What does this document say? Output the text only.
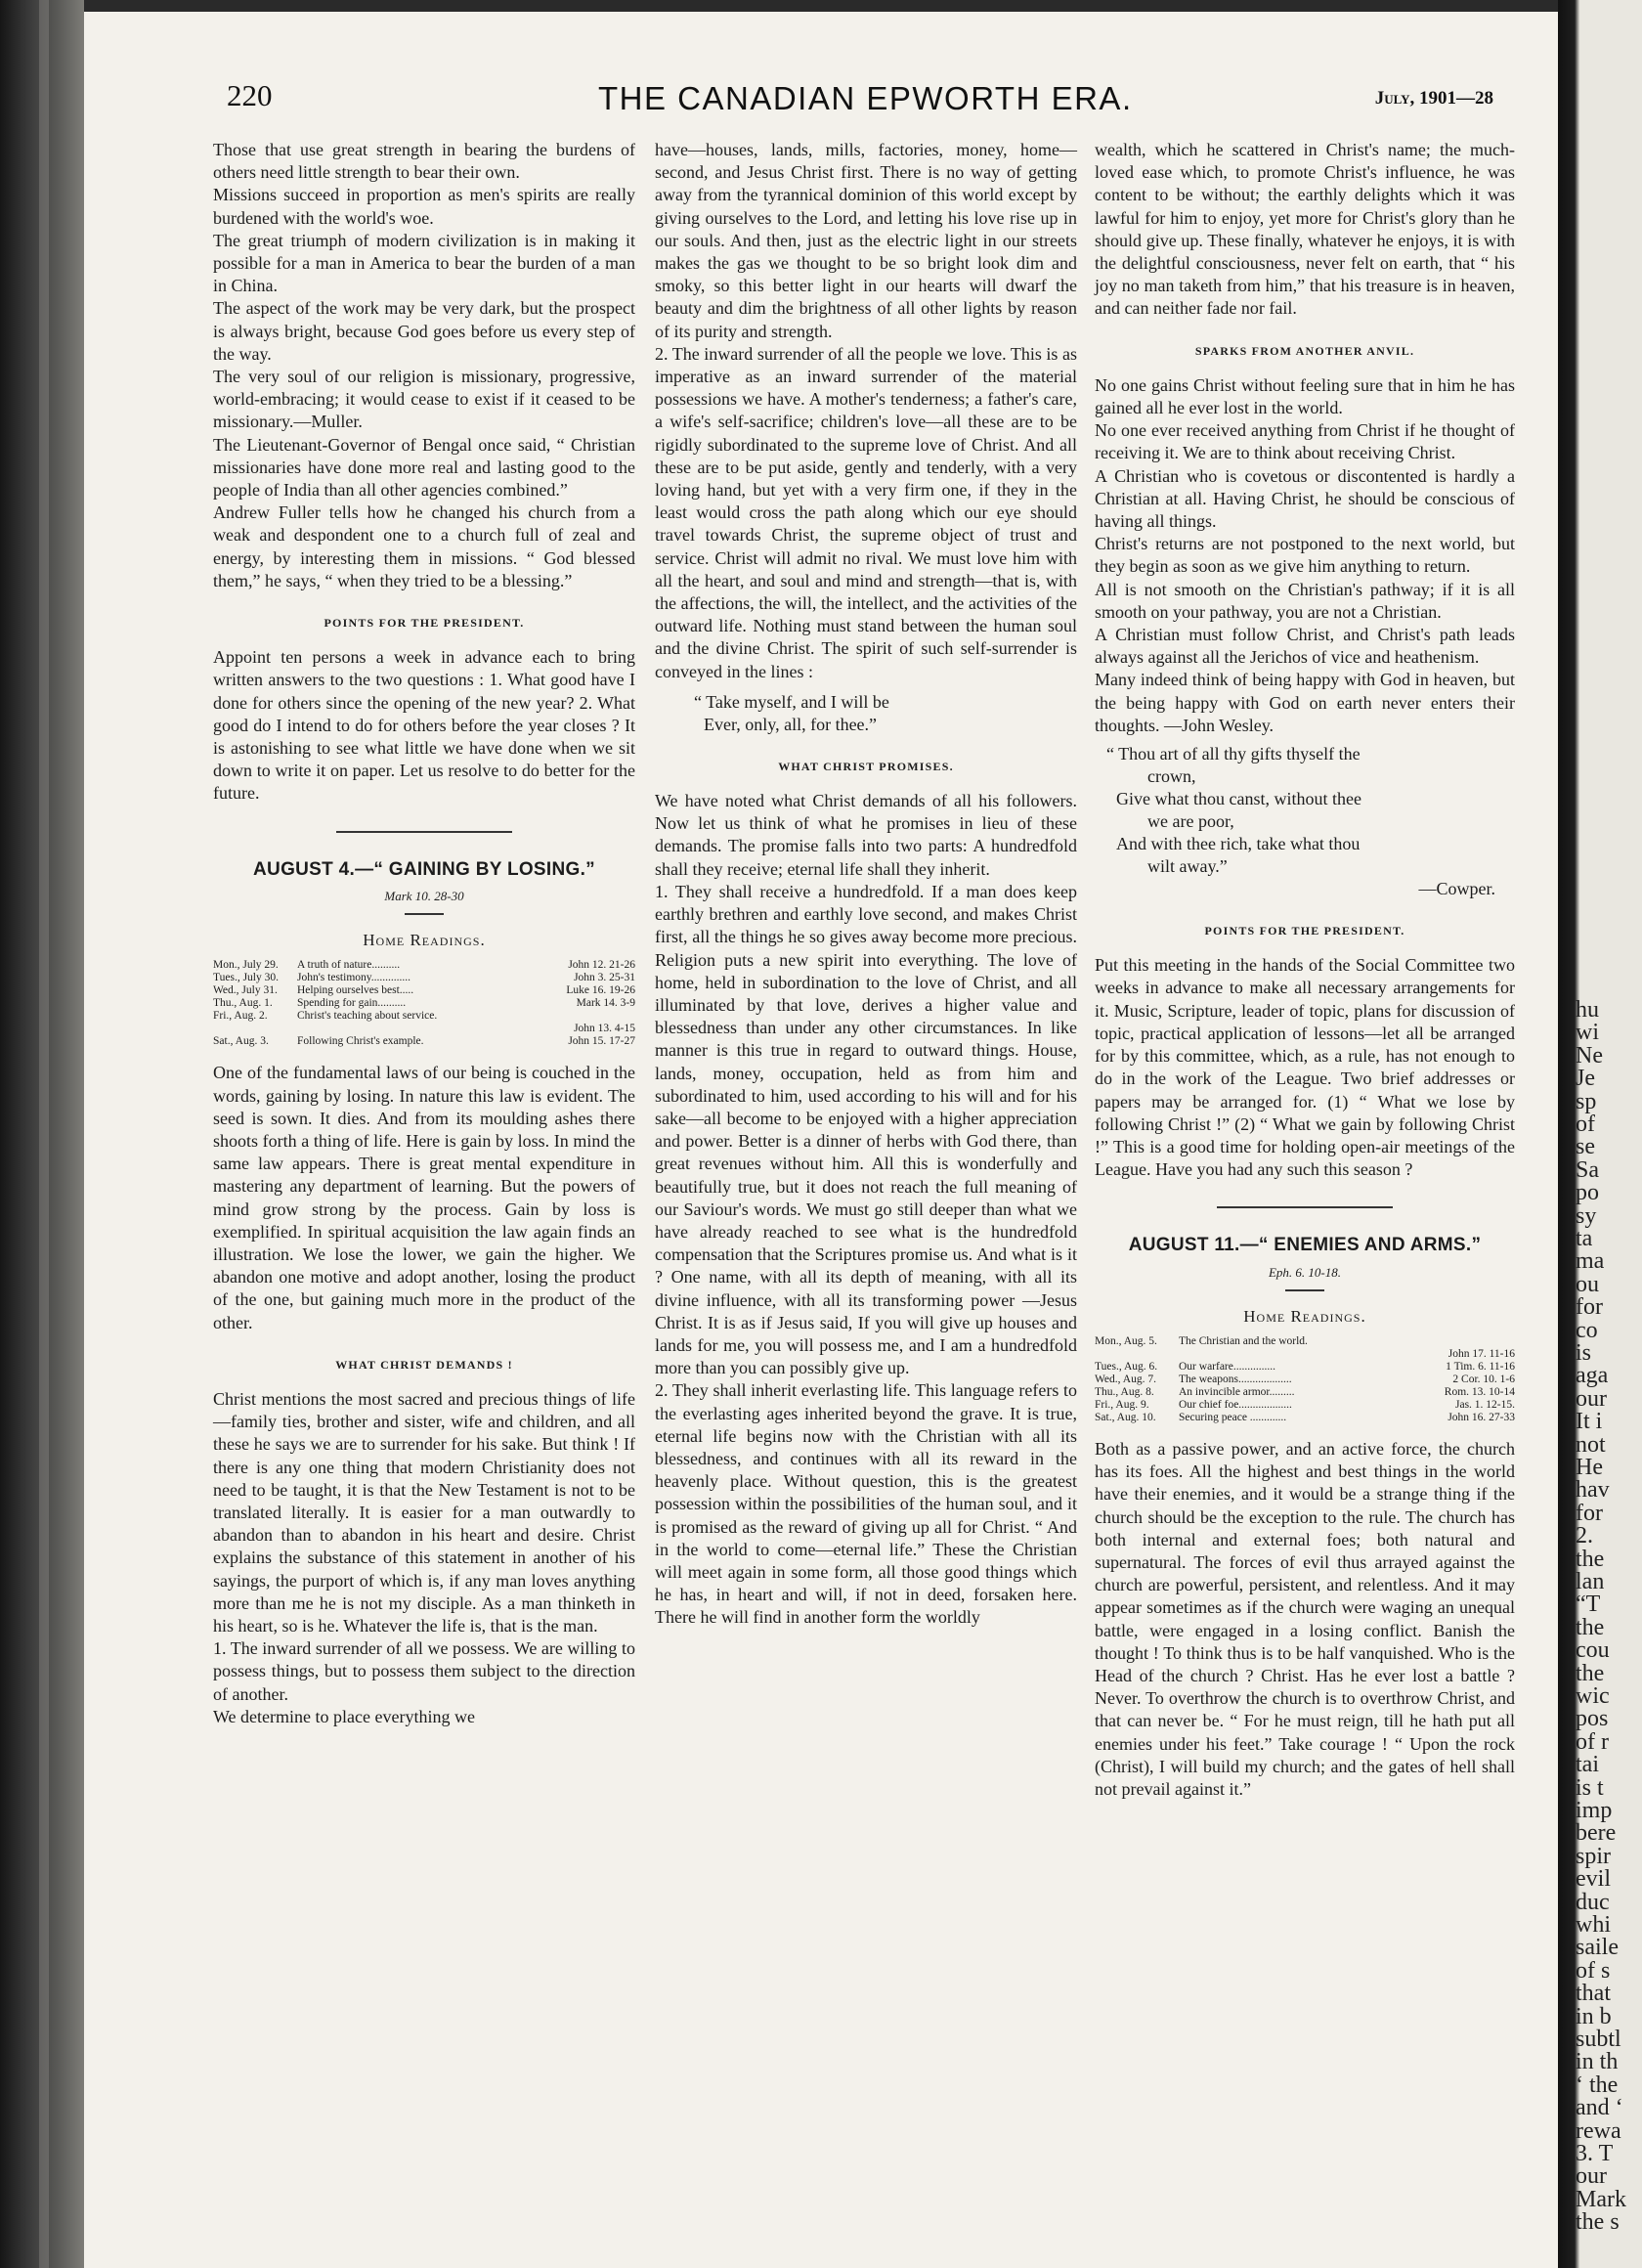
hu
wi
Ne
Je
sp
of
se
Sa
po
sy
ta
ma
ou
for
co
is
aga
our
It i
not
He
hav
for
2.
the
lan
“T
the
cou
the
wic
pos
of r
tai
is t
imp
bere
spir
evil
duc
whi
saile
of s
that
in b
subtl
in th
‘ the
and ‘
rewa
3. T
our
Mark
the s
220	THE CANADIAN EPWORTH ERA.	July, 1901—28

Those that use great strength in bearing the burdens of others need little strength to bear their own.

Missions succeed in proportion as men's spirits are really burdened with the world's woe.

The great triumph of modern civilization is in making it possible for a man in America to bear the burden of a man in China.

The aspect of the work may be very dark, but the prospect is always bright, because God goes before us every step of the way.

The very soul of our religion is missionary, progressive, world-embracing; it would cease to exist if it ceased to be missionary.—Muller.

The Lieutenant-Governor of Bengal once said, “ Christian missionaries have done more real and lasting good to the people of India than all other agencies combined.”

Andrew Fuller tells how he changed his church from a weak and despondent one to a church full of zeal and energy, by interesting them in missions. “ God blessed them,” he says, “ when they tried to be a blessing.”

POINTS FOR THE PRESIDENT.

Appoint ten persons a week in advance each to bring written answers to the two questions : 1. What good have I done for others since the opening of the new year? 2. What good do I intend to do for others before the year closes ? It is astonishing to see what little we have done when we sit down to write it on paper. Let us resolve to do better for the future.

AUGUST 4.—“ GAINING BY LOSING.”
Mark 10. 28-30
Home Readings.
Mon., July 29.	A truth of nature..........	John 12. 21-26
Tues., July 30.	John's testimony..............	John 3. 25-31
Wed., July 31.	Helping ourselves best.....	Luke 16. 19-26
Thu., Aug. 1.	Spending for gain..........	Mark 14. 3-9
Fri., Aug. 2.	Christ's teaching about service.	
		John 13. 4-15
Sat., Aug. 3.	Following Christ's example.	John 15. 17-27

One of the fundamental laws of our being is couched in the words, gaining by losing. In nature this law is evident. The seed is sown. It dies. And from its moulding ashes there shoots forth a thing of life. Here is gain by loss. In mind the same law appears. There is great mental expenditure in mastering any department of learning. But the powers of mind grow strong by the process. Gain by loss is exemplified. In spiritual acquisition the law again finds an illustration. We lose the lower, we gain the higher. We abandon one motive and adopt another, losing the product of the one, but gaining much more in the product of the other.

WHAT CHRIST DEMANDS !

Christ mentions the most sacred and precious things of life—family ties, brother and sister, wife and children, and all these he says we are to surrender for his sake. But think ! If there is any one thing that modern Christianity does not need to be taught, it is that the New Testament is not to be translated literally. It is easier for a man outwardly to abandon than to abandon in his heart and desire. Christ explains the substance of this statement in another of his sayings, the purport of which is, if any man loves anything more than me he is not my disciple. As a man thinketh in his heart, so is he. Whatever the life is, that is the man.

1. The inward surrender of all we possess. We are willing to possess things, but to possess them subject to the direction of another.

We determine to place everything we

have—houses, lands, mills, factories, money, home—second, and Jesus Christ first. There is no way of getting away from the tyrannical dominion of this world except by giving ourselves to the Lord, and letting his love rise up in our souls. And then, just as the electric light in our streets makes the gas we thought to be so bright look dim and smoky, so this better light in our hearts will dwarf the beauty and dim the brightness of all other lights by reason of its purity and strength.

2. The inward surrender of all the people we love. This is as imperative as an inward surrender of the material possessions we have. A mother's tenderness; a father's care, a wife's self-sacrifice; children's love—all these are to be rigidly subordinated to the supreme love of Christ. And all these are to be put aside, gently and tenderly, with a very loving hand, but yet with a very firm one, if they in the least would cross the path along which our eye should travel towards Christ, the supreme object of trust and service. Christ will admit no rival. We must love him with all the heart, and soul and mind and strength—that is, with the affections, the will, the intellect, and the activities of the outward life. Nothing must stand between the human soul and the divine Christ. The spirit of such self-surrender is conveyed in the lines :

“ Take myself, and I will be
Ever, only, all, for thee.”
WHAT CHRIST PROMISES.

We have noted what Christ demands of all his followers. Now let us think of what he promises in lieu of these demands. The promise falls into two parts: A hundredfold shall they receive; eternal life shall they inherit.

1. They shall receive a hundredfold. If a man does keep earthly brethren and earthly love second, and makes Christ first, all the things he so gives away become more precious. Religion puts a new spirit into everything. The love of home, held in subordination to the love of Christ, and all illuminated by that love, derives a higher value and blessedness than under any other circumstances. In like manner is this true in regard to outward things. House, lands, money, occupation, held as from him and subordinated to him, used according to his will and for his sake—all become to be enjoyed with a higher appreciation and power. Better is a dinner of herbs with God there, than great revenues without him. All this is wonderfully and beautifully true, but it does not reach the full meaning of our Saviour's words. We must go still deeper than what we have already reached to see what is the hundredfold compensation that the Scriptures promise us. And what is it ? One name, with all its depth of meaning, with all its divine influence, with all its transforming power —Jesus Christ. It is as if Jesus said, If you will give up houses and lands for me, you will possess me, and I am a hundredfold more than you can possibly give up.

2. They shall inherit everlasting life. This language refers to the everlasting ages inherited beyond the grave. It is true, eternal life begins now with the Christian with all its blessedness, and continues with all its reward in the heavenly place. Without question, this is the greatest possession within the possibilities of the human soul, and it is promised as the reward of giving up all for Christ. “ And in the world to come—eternal life.” These the Christian will meet again in some form, all those good things which he has, in heart and will, if not in deed, forsaken here. There he will find in another form the worldly

wealth, which he scattered in Christ's name; the much-loved ease which, to promote Christ's influence, he was content to be without; the earthly delights which it was lawful for him to enjoy, yet more for Christ's glory than he should give up. These finally, whatever he enjoys, it is with the delightful consciousness, never felt on earth, that “ his joy no man taketh from him,” that his treasure is in heaven, and can neither fade nor fail.

SPARKS FROM ANOTHER ANVIL.

No one gains Christ without feeling sure that in him he has gained all he ever lost in the world.

No one ever received anything from Christ if he thought of receiving it. We are to think about receiving Christ.

A Christian who is covetous or discontented is hardly a Christian at all. Having Christ, he should be conscious of having all things.

Christ's returns are not postponed to the next world, but they begin as soon as we give him anything to return.

All is not smooth on the Christian's pathway; if it is all smooth on your pathway, you are not a Christian.

A Christian must follow Christ, and Christ's path leads always against all the Jerichos of vice and heathenism.

Many indeed think of being happy with God in heaven, but the being happy with God on earth never enters their thoughts. —John Wesley.

“ Thou art of all thy gifts thyself the
crown,
Give what thou canst, without thee
we are poor,
And with thee rich, take what thou
wilt away.”
—Cowper.
POINTS FOR THE PRESIDENT.

Put this meeting in the hands of the Social Committee two weeks in advance to make all necessary arrangements for it. Music, Scripture, leader of topic, plans for discussion of topic, practical application of lessons—let all be arranged for by this committee, which, as a rule, has not enough to do in the work of the League. Two brief addresses or papers may be arranged for. (1) “ What we lose by following Christ !” (2) “ What we gain by following Christ !” This is a good time for holding open-air meetings of the League. Have you had any such this season ?

AUGUST 11.—“ ENEMIES AND ARMS.”
Eph. 6. 10-18.
Home Readings.
Mon., Aug. 5.	The Christian and the world.	
		John 17. 11-16
Tues., Aug. 6.	Our warfare...............	1 Tim. 6. 11-16
Wed., Aug. 7.	The weapons...................	2 Cor. 10. 1-6
Thu., Aug. 8.	An invincible armor.........	Rom. 13. 10-14
Fri., Aug. 9.	Our chief foe...................	Jas. 1. 12-15.
Sat., Aug. 10.	Securing peace .............	John 16. 27-33

Both as a passive power, and an active force, the church has its foes. All the highest and best things in the world have their enemies, and it would be a strange thing if the church should be the exception to the rule. The church has both internal and external foes; both natural and supernatural. The forces of evil thus arrayed against the church are powerful, persistent, and relentless. And it may appear sometimes as if the church were waging an unequal battle, were engaged in a losing conflict. Banish the thought ! To think thus is to be half vanquished. Who is the Head of the church ? Christ. Has he ever lost a battle ? Never. To overthrow the church is to overthrow Christ, and that can never be. “ For he must reign, till he hath put all enemies under his feet.” Take courage ! “ Upon the rock (Christ), I will build my church; and the gates of hell shall not prevail against it.”
